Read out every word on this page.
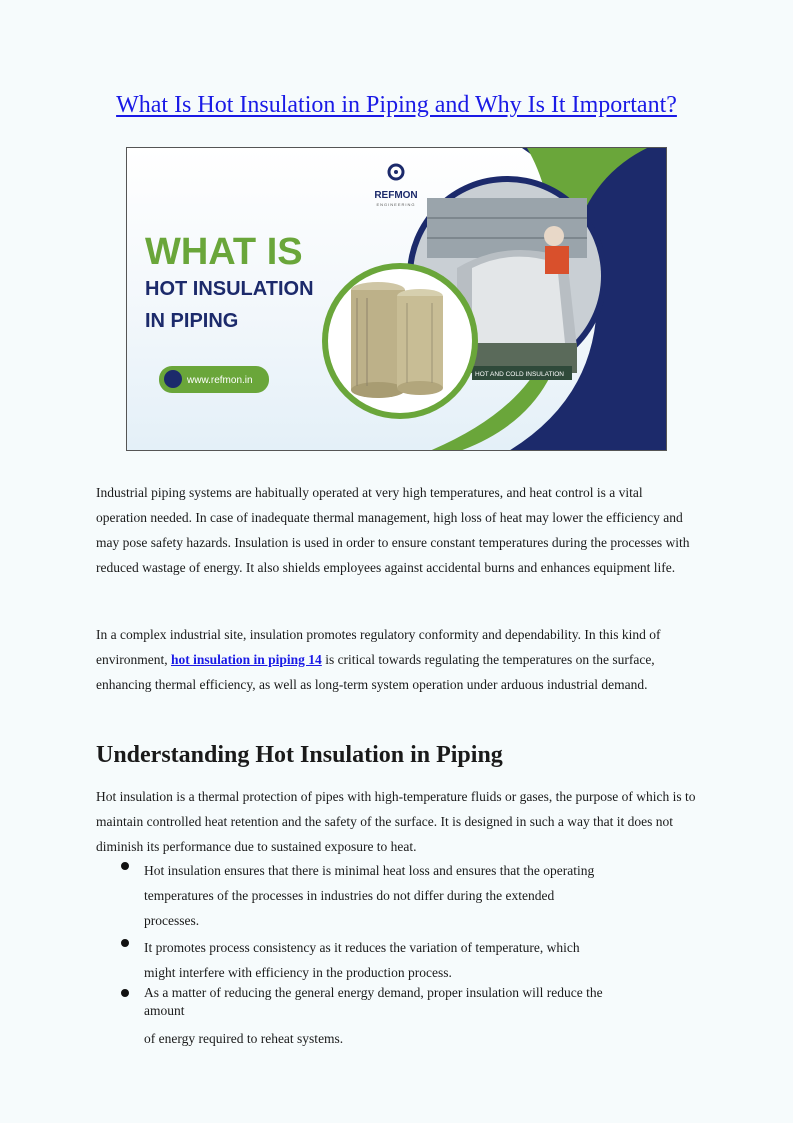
What Is Hot Insulation in Piping and Why Is It Important?
HOT AND COLD INSULATION
REFMON
ENGINEERING
WHAT IS
HOT INSULATION
IN PIPING
www.refmon.in

Industrial piping systems are habitually operated at very high temperatures, and heat control is a vital operation needed. In case of inadequate thermal management, high loss of heat may lower the efficiency and may pose safety hazards. Insulation is used in order to ensure constant temperatures during the processes with reduced wastage of energy. It also shields employees against accidental burns and enhances equipment life.

In a complex industrial site, insulation promotes regulatory conformity and dependability. In this kind of environment, hot insulation in piping 14 is critical towards regulating the temperatures on the surface, enhancing thermal efficiency, as well as long-term system operation under arduous industrial demand.

Understanding Hot Insulation in Piping

Hot insulation is a thermal protection of pipes with high-temperature fluids or gases, the purpose of which is to maintain controlled heat retention and the safety of the surface. It is designed in such a way that it does not diminish its performance due to sustained exposure to heat.

Hot insulation ensures that there is minimal heat loss and ensures that the operating

temperatures of the processes in industries do not differ during the extended

processes.

It promotes process consistency as it reduces the variation of temperature, which

might interfere with efficiency in the production process.

As a matter of reducing the general energy demand, proper insulation will reduce the

amount

of energy required to reheat systems.
